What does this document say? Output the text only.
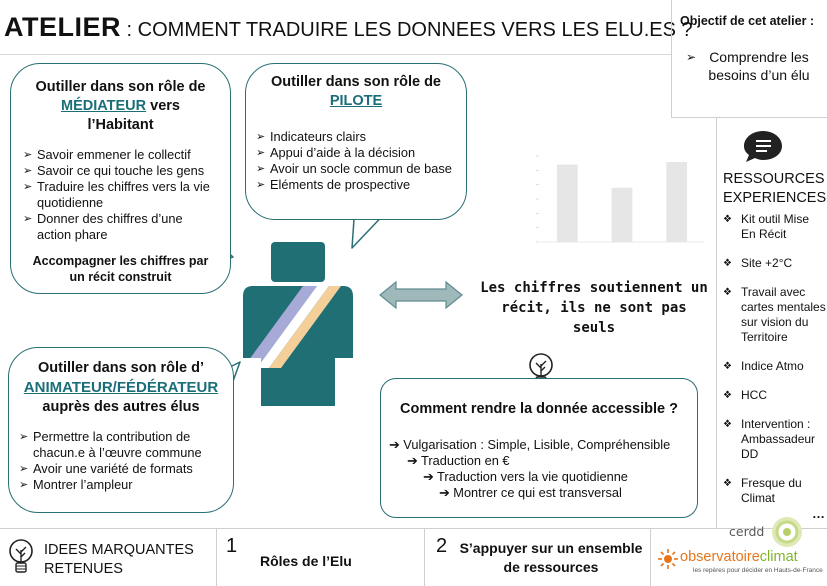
ATELIER : COMMENT TRADUIRE LES DONNEES VERS LES ELU.ES ?
Objectif de cet atelier :
➢ Comprendre les besoins d’un élu
Outiller dans son rôle de
MÉDIATEUR vers
l’Habitant
➢ Savoir emmener le collectif
➢ Savoir ce qui touche les gens
➢ Traduire les chiffres vers la vie quotidienne
➢ Donner des chiffres d’une action phare
Accompagner les chiffres par un récit construit
Outiller dans son rôle de
PILOTE
➢ Indicateurs clairs
➢ Appui d’aide à la décision
➢ Avoir un socle commun de base
➢ Eléments de prospective
Outiller dans son rôle d’
ANIMATEUR/FÉDÉRATEUR
auprès des autres élus
➢ Permettre la contribution de chacun.e à l’œuvre commune
➢ Avoir une variété de formats
➢ Montrer l’ampleur
Les chiffres soutiennent un récit, ils ne sont pas seuls
Comment rendre la donnée accessible ?
➔ Vulgarisation : Simple, Lisible, Compréhensible
➔ Traduction en €
➔ Traduction vers la vie quotidienne
➔ Montrer ce qui est transversal
RESSOURCES EXPERIENCES
❖ Kit outil Mise En Récit
❖ Site +2°C
❖ Travail avec cartes mentales sur vision du Territoire
❖ Indice Atmo
❖ HCC
❖ Intervention : Ambassadeur DD
❖ Fresque du Climat
…
IDEES MARQUANTES RETENUES
1
Rôles de l’Elu
2 S’appuyer sur un ensemble de ressources
cerdd
observatoireclimat
les repères pour décider en Hauts-de-France
